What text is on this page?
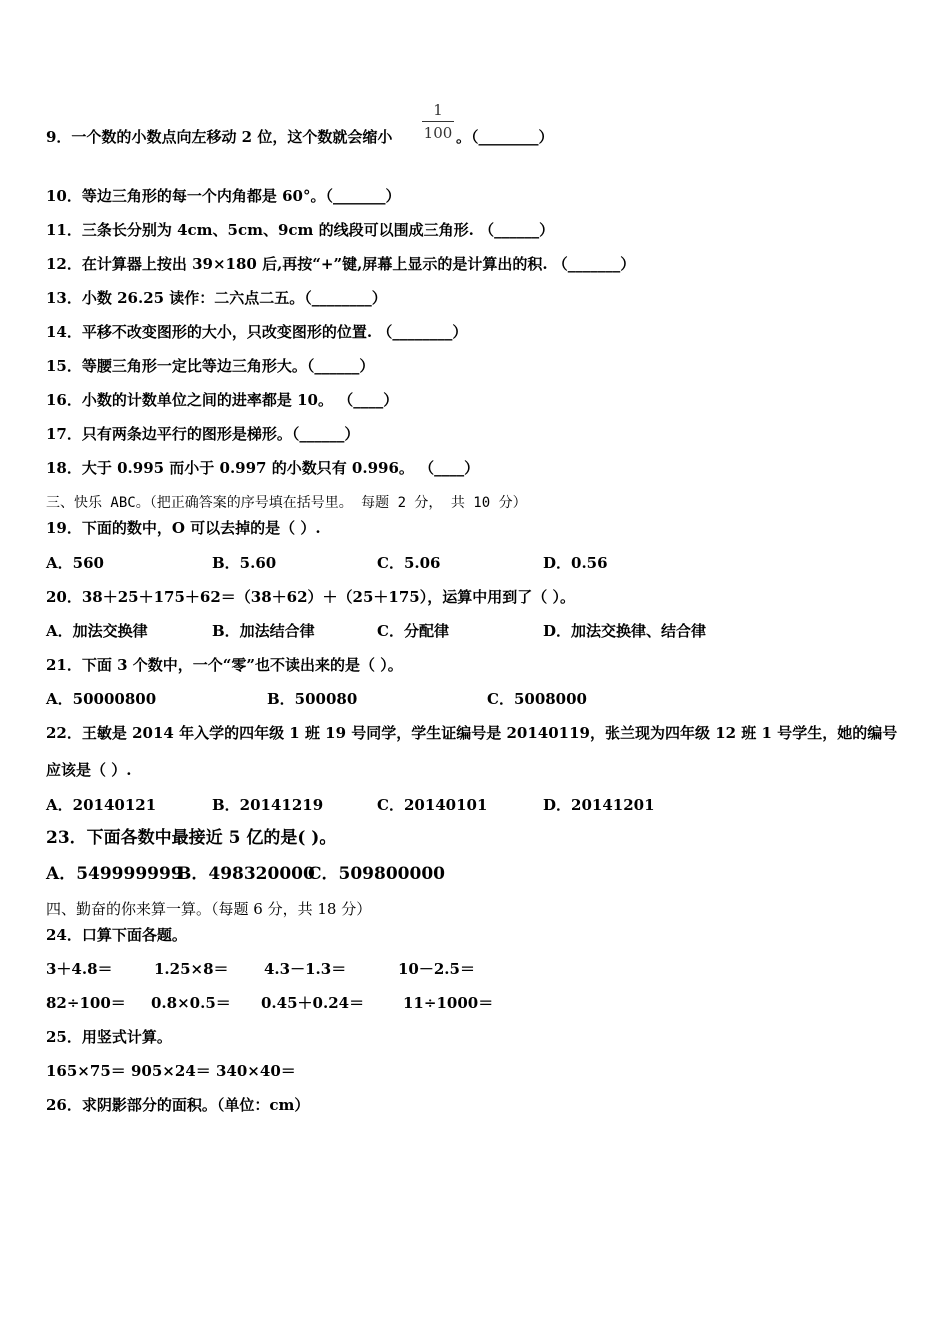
9．一个数的小数点向左移动 2 位，这个数就会缩小
1
100 。（________）
10．等边三角形的每一个内角都是 60°。（_______）
11．三条长分别为 4cm、5cm、9cm 的线段可以围成三角形. （______）
12．在计算器上按出 39×180 后,再按“+”键,屏幕上显示的是计算出的积. （_______）
13．小数 26.25 读作：二六点二五。（________）
14．平移不改变图形的大小，只改变图形的位置. （________）
15．等腰三角形一定比等边三角形大。（______）
16．小数的计数单位之间的进率都是 10。 （____）
17．只有两条边平行的图形是梯形。（______）
18．大于 0.995 而小于 0.997 的小数只有 0.996。 （____）
三、快乐 ABC。（把正确答案的序号填在括号里。 每题 2 分， 共 10 分）
19．下面的数中，O 可以去掉的是（ ）.
A．560	B．5.60	C．5.06	D．0.56
20．38＋25＋175＋62＝（38＋62）＋（25＋175），运算中用到了（ ）。
A．加法交换律	B．加法结合律	C．分配律	D．加法交换律、结合律
21．下面 3 个数中，一个“零”也不读出来的是（ ）。
A．50000800	B．500080	C．5008000
22．王敏是 2014 年入学的四年级 1 班 19 号同学，学生证编号是 20140119，张兰现为四年级 12 班 1 号学生，她的编号
应该是（ ）.
A．20140121	B．20141219	C．20140101	D．20141201
23．下面各数中最接近 5 亿的是( )。
A．549999999
B．498320000
C．509800000
四、勤奋的你来算一算。（每题 6 分，共 18 分）
24．口算下面各题。
3＋4.8＝	1.25×8＝ 4.3－1.3＝	10－2.5＝
82÷100＝ 0.8×0.5＝ 0.45＋0.24＝	11÷1000＝
25．用竖式计算。
165×75＝ 905×24＝ 340×40＝
26．求阴影部分的面积。（单位：cm）
